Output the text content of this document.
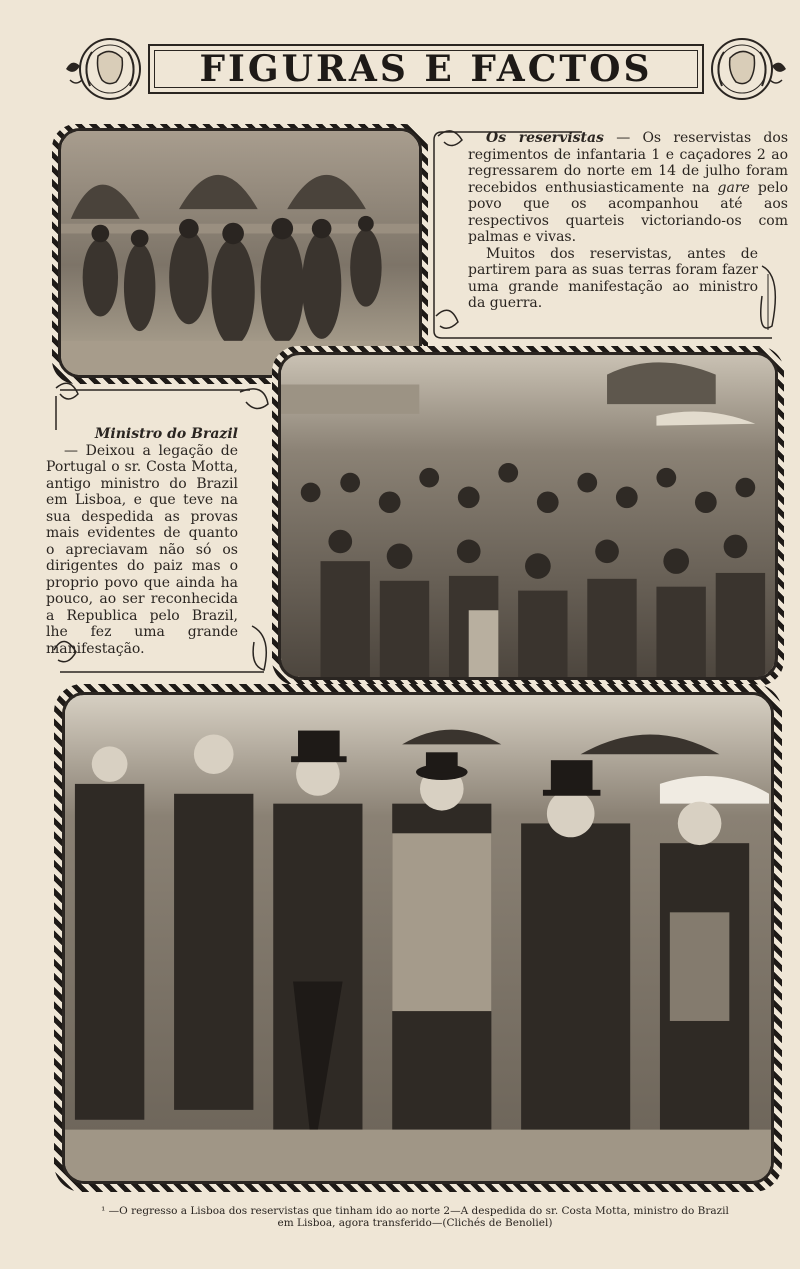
FIGURAS E FACTOS

Os reservistas — Os reservistas dos regimentos de infantaria 1 e caçadores 2 ao regressarem do norte em 14 de julho foram recebidos enthusiasticamente na gare pelo povo que os acompanhou até aos respectivos quarteis victoriando-os com palmas e vivas.

Muitos dos reservistas, antes de partirem para as suas terras foram fazer uma grande manifestação ao ministro da guerra.

Ministro do Brazil

— Deixou a legação de Portugal o sr. Costa Motta, antigo ministro do Brazil em Lisboa, e que teve na sua despedida as provas mais evidentes de quanto o apreciavam não só os dirigentes do paiz mas o proprio povo que ainda ha pouco, ao ser reconhecida a Republica pelo Brazil, lhe fez uma grande manifestação.

¹ —O regresso a Lisboa dos reservistas que tinham ido ao norte 2—A despedida do sr. Costa Motta, ministro do Brazil
em Lisboa, agora transferido—(Clichés de Benoliel)
